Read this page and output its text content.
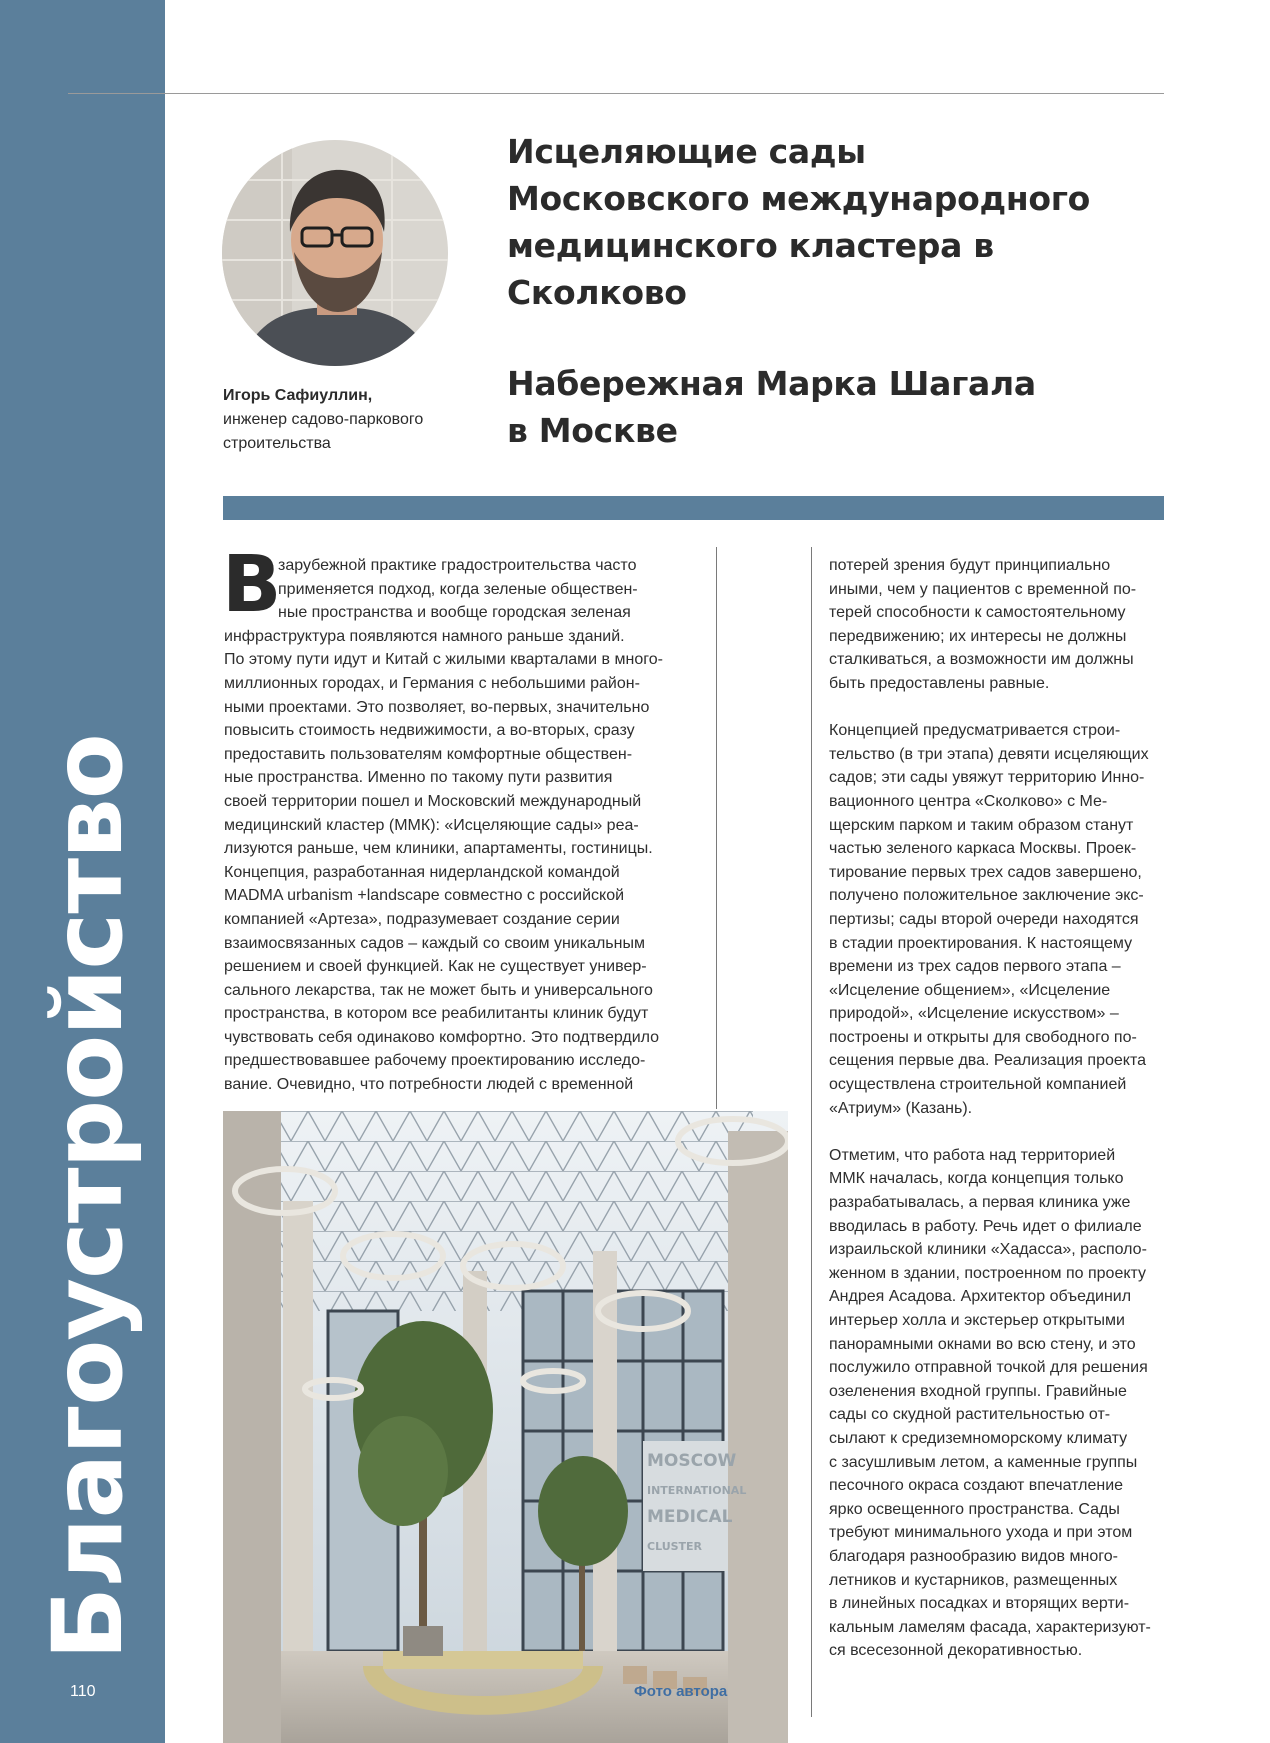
Благоустройство
110
Игорь Сафиуллин,
инженер садово-паркового
строительства
Исцеляющие сады
Московского международного
медицинского кластера в Сколково
Набережная Марка Шагала
в Москве
В

зарубежной практике градостроительства часто

применяется подход, когда зеленые обществен-

ные пространства и вообще городская зеленая

инфраструктура появляются намного раньше зданий.

По этому пути идут и Китай с жилыми кварталами в много-

миллионных городах, и Германия с небольшими район-

ными проектами. Это позволяет, во-первых, значительно

повысить стоимость недвижимости, а во-вторых, сразу

предоставить пользователям комфортные обществен-

ные пространства. Именно по такому пути развития

своей территории пошел и Московский международный

медицинский кластер (ММК): «Исцеляющие сады» реа-

лизуются раньше, чем клиники, апартаменты, гостиницы.

Концепция, разработанная нидерландской командой

MADMA urbanism +landscape совместно с российской

компанией «Артеза», подразумевает создание серии

взаимосвязанных садов – каждый со своим уникальным

решением и своей функцией. Как не существует универ-

сального лекарства, так не может быть и универсального

пространства, в котором все реабилитанты клиник будут

чувствовать себя одинаково комфортно. Это подтвердило

предшествовавшее рабочему проектированию исследо-

вание. Очевидно, что потребности людей с временной

потерей зрения будут принципиально

иными, чем у пациентов с временной по-

терей способности к самостоятельному

передвижению; их интересы не должны

сталкиваться, а возможности им должны

быть предоставлены равные.

Концепцией предусматривается строи-

тельство (в три этапа) девяти исцеляющих

садов; эти сады увяжут территорию Инно-

вационного центра «Сколково» с Ме-

щерским парком и таким образом станут

частью зеленого каркаса Москвы. Проек-

тирование первых трех садов завершено,

получено положительное заключение экс-

пертизы; сады второй очереди находятся

в стадии проектирования. К настоящему

времени из трех садов первого этапа –

«Исцеление общением», «Исцеление

природой», «Исцеление искусством» –

построены и открыты для свободного по-

сещения первые два. Реализация проекта

осуществлена строительной компанией

«Атриум» (Казань).

Отметим, что работа над территорией

ММК началась, когда концепция только

разрабатывалась, а первая клиника уже

вводилась в работу. Речь идет о филиале

израильской клиники «Хадасса», располо-

женном в здании, построенном по проекту

Андрея Асадова. Архитектор объединил

интерьер холла и экстерьер открытыми

панорамными окнами во всю стену, и это

послужило отправной точкой для решения

озеленения входной группы. Гравийные

сады со скудной растительностью от-

сылают к средиземноморскому климату

с засушливым летом, а каменные группы

песочного окраса создают впечатление

ярко освещенного пространства. Сады

требуют минимального ухода и при этом

благодаря разнообразию видов много-

летников и кустарников, размещенных

в линейных посадках и вторящих верти-

кальным ламелям фасада, характеризуют-

ся всесезонной декоративностью.

MOSCOW
INTERNATIONAL
MEDICAL
CLUSTER
Фото автора
